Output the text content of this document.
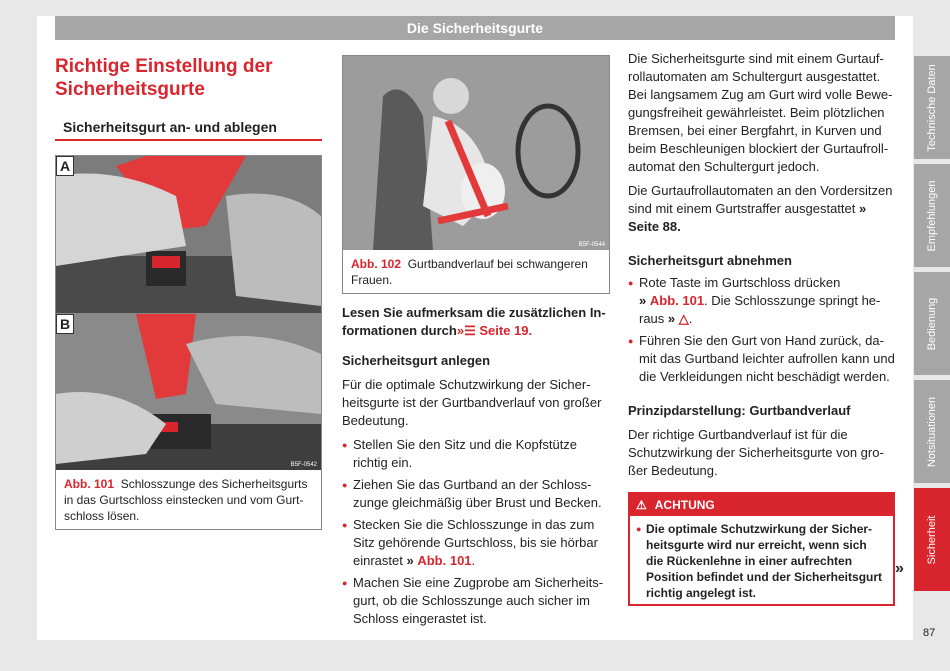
Die Sicherheitsgurte
Richtige Einstellung der Sicherheitsgurte
Sicherheitsgurt an- und ablegen
A
B
B5F-0542
Abb. 101 Schlosszunge des Sicherheitsgurts in das Gurtschloss einstecken und vom Gurtschloss lösen.
B5F-0544
Abb. 102 Gurtbandverlauf bei schwangeren Frauen.

Lesen Sie aufmerksam die zusätzlichen Informationen durch»☰ Seite 19.

Sicherheitsgurt anlegen

Für die optimale Schutzwirkung der Sicherheitsgurte ist der Gurtbandverlauf von großer Bedeutung.

● Stellen Sie den Sitz und die Kopfstütze richtig ein.
● Ziehen Sie das Gurtband an der Schlosszunge gleichmäßig über Brust und Becken.
● Stecken Sie die Schlosszunge in das zum Sitz gehörende Gurtschloss, bis sie hörbar einrastet » Abb. 101.
● Machen Sie eine Zugprobe am Sicherheitsgurt, ob die Schlosszunge auch sicher im Schloss eingerastet ist.

Die Sicherheitsgurte sind mit einem Gurtaufrollautomaten am Schultergurt ausgestattet. Bei langsamem Zug am Gurt wird volle Bewegungsfreiheit gewährleistet. Beim plötzlichen Bremsen, bei einer Bergfahrt, in Kurven und beim Beschleunigen blockiert der Gurtaufrollautomat den Schultergurt jedoch.

Die Gurtaufrollautomaten an den Vordersitzen sind mit einem Gurtstraffer ausgestattet » Seite 88.

Sicherheitsgurt abnehmen
● Rote Taste im Gurtschloss drücken
» Abb. 101. Die Schlosszunge springt heraus » △.
● Führen Sie den Gurt von Hand zurück, damit das Gurtband leichter aufrollen kann und die Verkleidungen nicht beschädigt werden.
Prinzipdarstellung: Gurtbandverlauf

Der richtige Gurtbandverlauf ist für die Schutzwirkung der Sicherheitsgurte von großer Bedeutung.

⚠ ACHTUNG
● Die optimale Schutzwirkung der Sicherheitsgurte wird nur erreicht, wenn sich die Rückenlehne in einer aufrechten Position befindet und der Sicherheitsgurt richtig angelegt ist.
Technische Daten
Empfehlungen
Bedienung
Notsituationen
Sicherheit
»
87
